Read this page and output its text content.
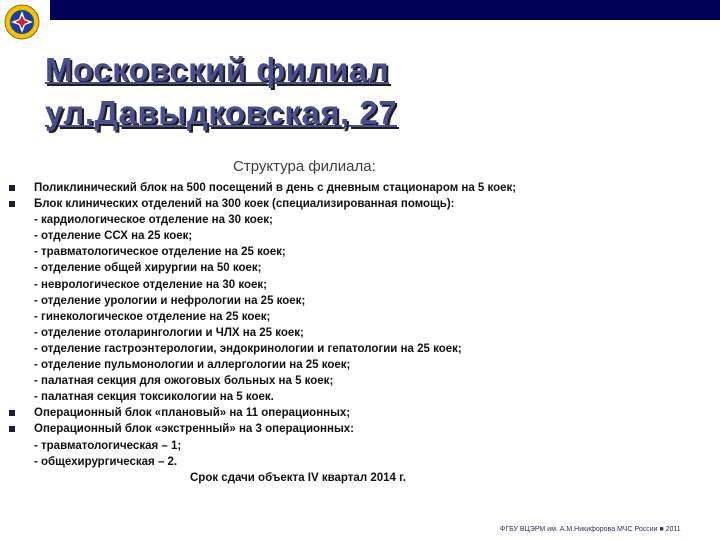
Московский филиал
ул.Давыдковская, 27
Структура филиала:
Поликлинический блок на 500 посещений в день с дневным стационаром на 5 коек;
Блок клинических отделений на 300 коек (специализированная помощь):
- кардиологическое отделение на 30 коек;
- отделение ССХ на 25 коек;
- травматологическое отделение на 25 коек;
- отделение общей хирургии на 50 коек;
- неврологическое отделение на 30 коек;
- отделение урологии и нефрологии на 25 коек;
- гинекологическое отделение на 25 коек;
- отделение отоларингологии и ЧЛХ на 25 коек;
- отделение гастроэнтерологии, эндокринологии и гепатологии на 25 коек;
- отделение пульмонологии и аллергологии на 25 коек;
- палатная секция для ожоговых больных на 5 коек;
- палатная секция токсикологии на 5 коек.
Операционный блок «плановый» на 11 операционных;
Операционный блок «экстренный» на 3 операционных:
- травматологическая – 1;
- общехирургическая – 2.
Срок сдачи объекта IV квартал 2014 г.
ФГБУ ВЦЭРМ им. А.М.Никифорова МЧС России ■ 2011
